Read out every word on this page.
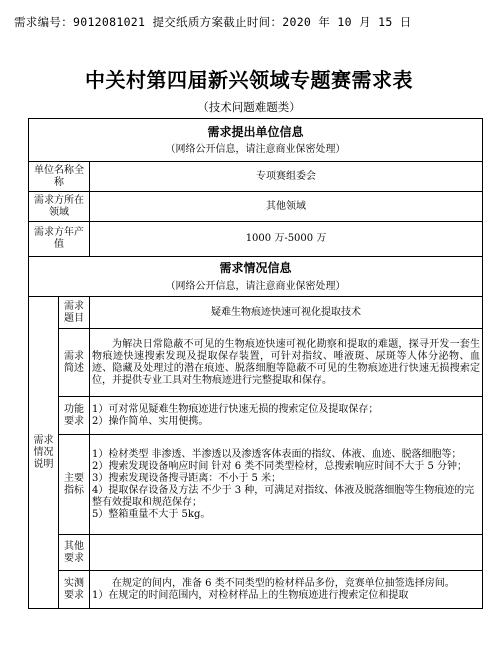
需求编号：9012081021 提交纸质方案截止时间：2020 年 10 月 15 日
中关村第四届新兴领域专题赛需求表
（技术问题难题类）
需求提出单位信息
（网络公开信息，请注意商业保密处理）		

单位名称全称		专项赛组委会
需求方所在领域		其他领域
需求方年产值		1000 万-5000 万
需求情况信息
（网络公开信息，请注意商业保密处理）		

需求情况说明	需求题目	疑难生物痕迹快速可视化提取技术
	需求简述	为解决日常隐蔽不可见的生物痕迹快速可视化勘察和提取的难题，探寻开发一套生物痕迹快速搜索发现及提取保存装置，可针对指纹、唾液斑、尿斑等人体分泌物、血迹、隐藏及处理过的潜在痕迹、脱落细胞等隐蔽不可见的生物痕迹进行快速无损搜索定位，并提供专业工具对生物痕迹进行完整提取和保存。
	功能要求	1）可对常见疑难生物痕迹进行快速无损的搜索定位及提取保存；
2）操作简单、实用便携。

	主要指标	1）检材类型 非渗透、半渗透以及渗透客体表面的指纹、体液、血迹、脱落细胞等；
2）搜索发现设备响应时间 针对 6 类不同类型检材，总搜索响应时间不大于 5 分钟；
3）搜索发现设备搜寻距离：不小于 5 米；
4）提取保存设备及方法 不少于 3 种，可满足对指纹、体液及脱落细胞等生物痕迹的完整有效提取和规范保存；
5）整箱重量不大于 5kg。

	其他要求	
	实测要求	在规定的间内，准备 6 类不同类型的检材样品多份，竞赛单位抽签选择房间。
1）在规定的时间范围内，对检材样品上的生物痕迹进行搜索定位和提取
